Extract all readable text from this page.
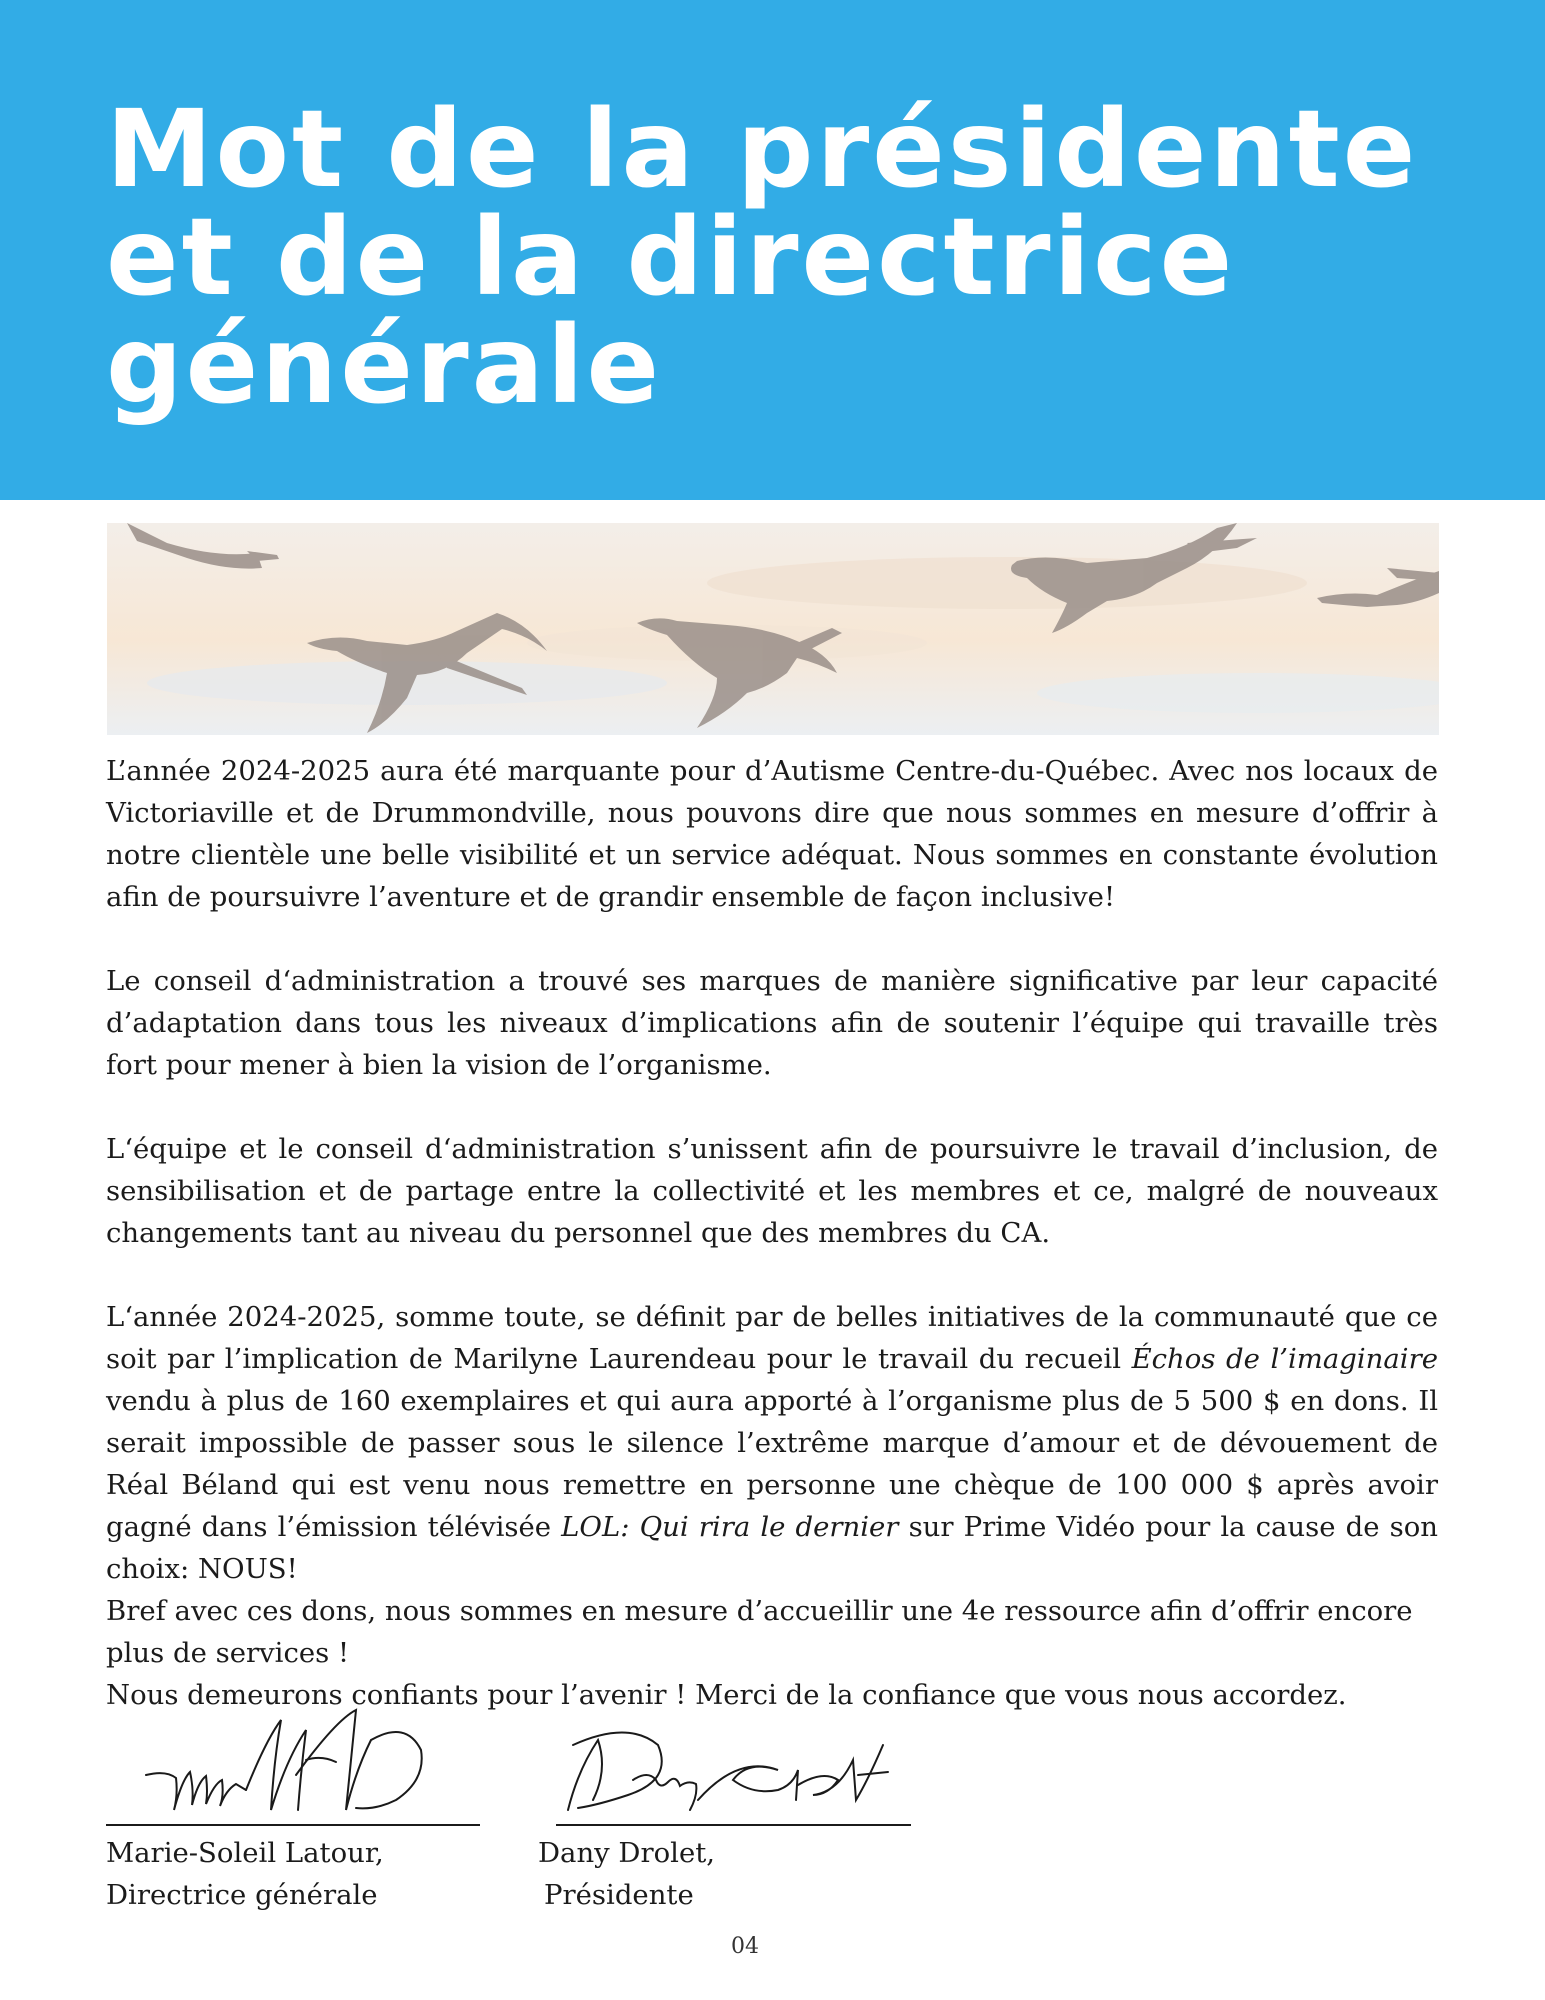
Mot de la présidente
et de la directrice
générale

L’année 2024-2025 aura été marquante pour d’Autisme Centre-du-Québec. Avec nos locaux de Victoriaville et de Drummondville, nous pouvons dire que nous sommes en mesure d’offrir à notre clientèle une belle visibilité et un service adéquat. Nous sommes en constante évolution afin de poursuivre l’aventure et de grandir ensemble de façon inclusive!

Le conseil d‘administration a trouvé ses marques de manière significative par leur capacité d’adaptation dans tous les niveaux d’implications afin de soutenir l’équipe qui travaille très fort pour mener à bien la vision de l’organisme.

L‘équipe et le conseil d‘administration s’unissent afin de poursuivre le travail d’inclusion, de sensibilisation et de partage entre la collectivité et les membres et ce, malgré de nouveaux changements tant au niveau du personnel que des membres du CA.

L‘année 2024-2025, somme toute, se définit par de belles initiatives de la communauté que ce soit par l’implication de Marilyne Laurendeau pour le travail du recueil Échos de l’imaginaire vendu à plus de 160 exemplaires et qui aura apporté à l’organisme plus de 5 500 $ en dons. Il serait impossible de passer sous le silence l’extrême marque d’amour et de dévouement de Réal Béland qui est venu nous remettre en personne une chèque de 100 000 $ après avoir gagné dans l’émission télévisée LOL: Qui rira le dernier sur Prime Vidéo pour la cause de son choix: NOUS!

Bref avec ces dons, nous sommes en mesure d’accueillir une 4e ressource afin d’offrir encore plus de services !

Nous demeurons confiants pour l’avenir ! Merci de la confiance que vous nous accordez.

Marie-Soleil Latour,
Directrice générale
Dany Drolet,
Présidente
04
